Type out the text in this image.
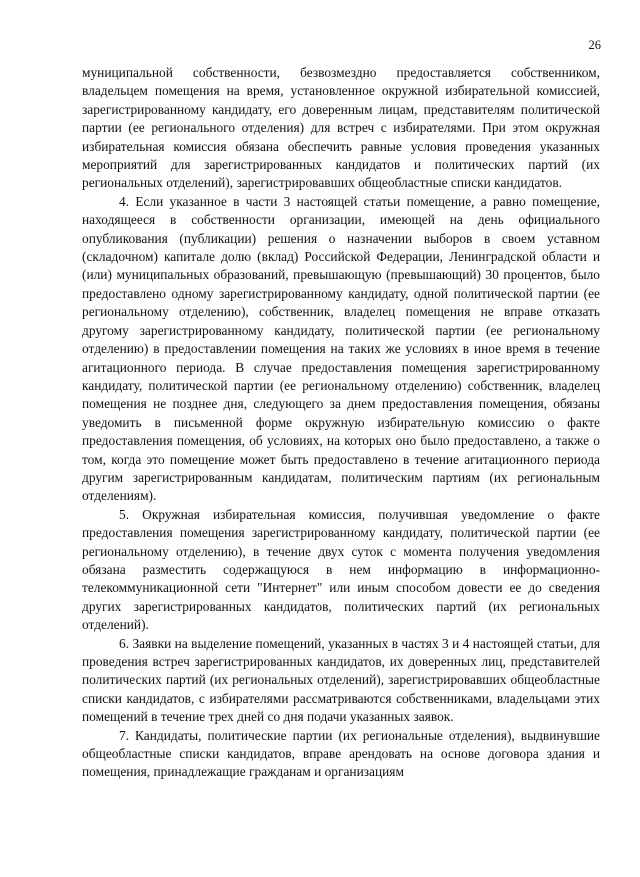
26

муниципальной собственности, безвозмездно предоставляется собственником, владельцем помещения на время, установленное окружной избирательной комиссией, зарегистрированному кандидату, его доверенным лицам, представителям политической партии (ее регионального отделения) для встреч с избирателями. При этом окружная избирательная комиссия обязана обеспечить равные условия проведения указанных мероприятий для зарегистрированных кандидатов и политических партий (их региональных отделений), зарегистрировавших общеобластные списки кандидатов.

4. Если указанное в части 3 настоящей статьи помещение, а равно помещение, находящееся в собственности организации, имеющей на день официального опубликования (публикации) решения о назначении выборов в своем уставном (складочном) капитале долю (вклад) Российской Федерации, Ленинградской области и (или) муниципальных образований, превышающую (превышающий) 30 процентов, было предоставлено одному зарегистрированному кандидату, одной политической партии (ее региональному отделению), собственник, владелец помещения не вправе отказать другому зарегистрированному кандидату, политической партии (ее региональному отделению) в предоставлении помещения на таких же условиях в иное время в течение агитационного периода. В случае предоставления помещения зарегистрированному кандидату, политической партии (ее региональному отделению) собственник, владелец помещения не позднее дня, следующего за днем предоставления помещения, обязаны уведомить в письменной форме окружную избирательную комиссию о факте предоставления помещения, об условиях, на которых оно было предоставлено, а также о том, когда это помещение может быть предоставлено в течение агитационного периода другим зарегистрированным кандидатам, политическим партиям (их региональным отделениям).

5. Окружная избирательная комиссия, получившая уведомление о факте предоставления помещения зарегистрированному кандидату, политической партии (ее региональному отделению), в течение двух суток с момента получения уведомления обязана разместить содержащуюся в нем информацию в информационно-телекоммуникационной сети "Интернет" или иным способом довести ее до сведения других зарегистрированных кандидатов, политических партий (их региональных отделений).

6. Заявки на выделение помещений, указанных в частях 3 и 4 настоящей статьи, для проведения встреч зарегистрированных кандидатов, их доверенных лиц, представителей политических партий (их региональных отделений), зарегистрировавших общеобластные списки кандидатов, с избирателями рассматриваются собственниками, владельцами этих помещений в течение трех дней со дня подачи указанных заявок.

7. Кандидаты, политические партии (их региональные отделения), выдвинувшие общеобластные списки кандидатов, вправе арендовать на основе договора здания и помещения, принадлежащие гражданам и организациям
